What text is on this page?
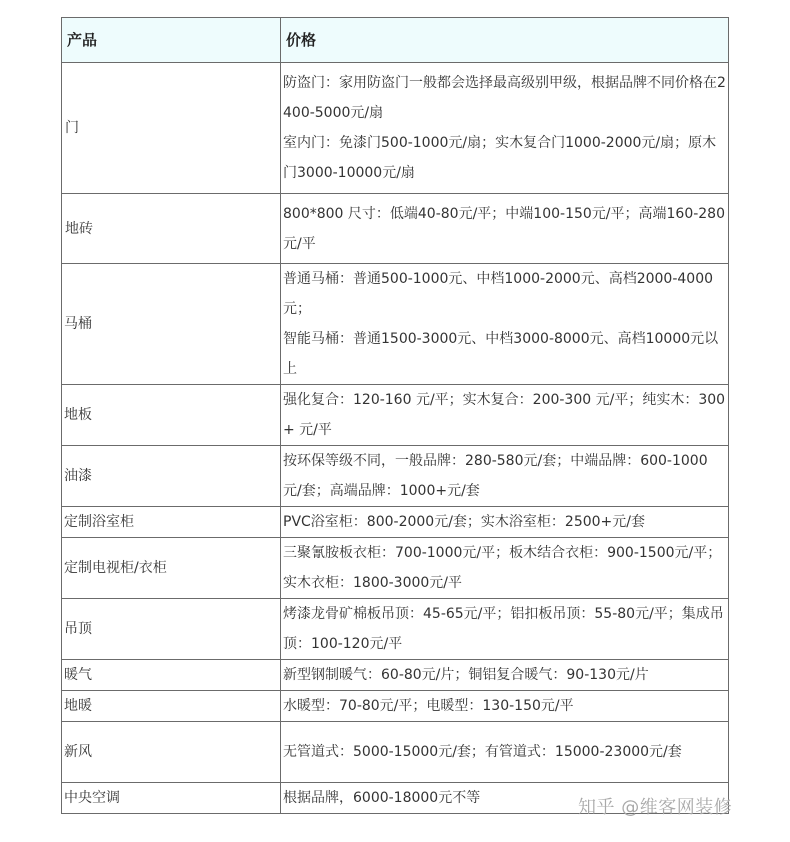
产品	价格
门	防盗门：家用防盗门一般都会选择最高级别甲级，根据品牌不同价格在2400-5000元/扇
室内门：免漆门500-1000元/扇；实木复合门1000-2000元/扇；原木门3000-10000元/扇

地砖	800*800 尺寸：低端40-80元/平；中端100-150元/平；高端160-280元/平

马桶	普通马桶：普通500-1000元、中档1000-2000元、高档2000-4000元；
智能马桶：普通1500-3000元、中档3000-8000元、高档10000元以上

地板	强化复合：120-160 元/平；实木复合：200-300 元/平；纯实木：300+ 元/平

油漆	按环保等级不同，一般品牌：280-580元/套；中端品牌：600-1000元/套；高端品牌：1000+元/套

定制浴室柜	PVC浴室柜：800-2000元/套；实木浴室柜：2500+元/套

定制电视柜/衣柜	三聚氰胺板衣柜：700-1000元/平；板木结合衣柜：900-1500元/平；实木衣柜：1800-3000元/平

吊顶	烤漆龙骨矿棉板吊顶：45-65元/平；铝扣板吊顶：55-80元/平；集成吊顶：100-120元/平

暖气	新型钢制暖气：60-80元/片；铜铝复合暖气：90-130元/片

地暖	水暖型：70-80元/平；电暖型：130-150元/平

新风	无管道式：5000-15000元/套；有管道式：15000-23000元/套

中央空调	根据品牌，6000-18000元不等	知乎 @维客网装修
